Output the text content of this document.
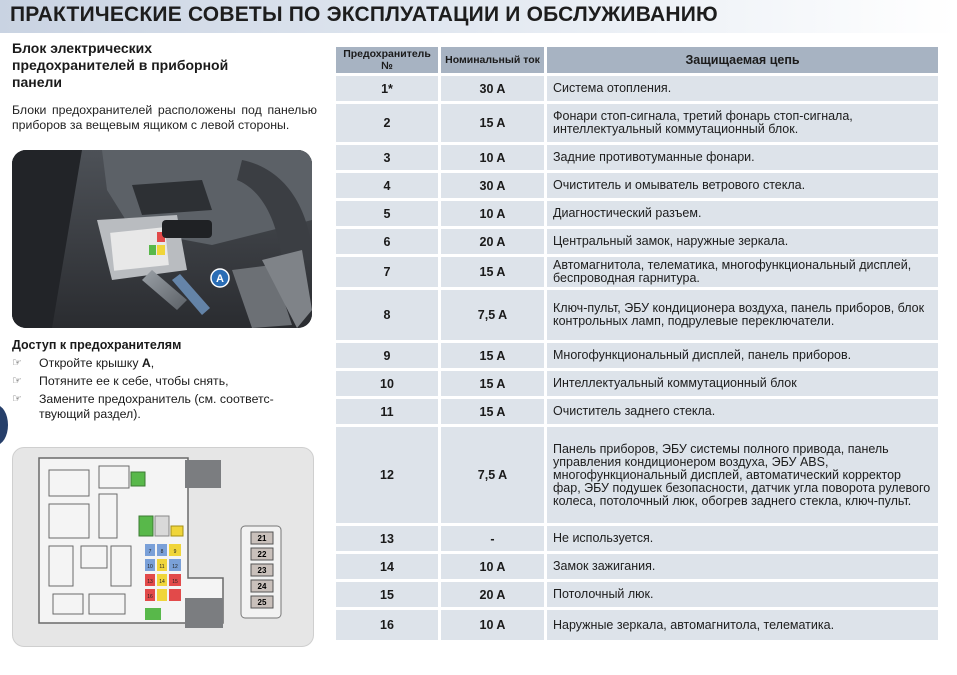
ПРАКТИЧЕСКИЕ СОВЕТЫ ПО ЭКСПЛУАТАЦИИ И ОБСЛУЖИВАНИЮ

Блок электрических предохранителей в приборной панели

Блоки предохранителей расположены под панелью приборов за вещевым ящиком с левой стороны.
A
Доступ к предохранителям
☞ Откройте крышку A,
☞ Потяните ее к себе, чтобы снять,
☞ Замените предохранитель (см. соответс-твующий раздел).
21
22
23
24
25
7 8 9
10 11 12
13 14 15
16
Предохранитель №	Номинальный ток	Защищаемая цепь
1*	30 A	Система отопления.
2	15 A	Фонари стоп-сигнала, третий фонарь стоп-сигнала, интеллектуальный коммутационный блок.
3	10 A	Задние противотуманные фонари.
4	30 A	Очиститель и омыватель ветрового стекла.
5	10 A	Диагностический разъем.
6	20 A	Центральный замок, наружные зеркала.
7	15 A	Автомагнитола, телематика, многофункциональный дисплей, беспроводная гарнитура.
8	7,5 A	Ключ-пульт, ЭБУ кондиционера воздуха, панель приборов, блок контрольных ламп, подрулевые переключатели.
9	15 A	Многофункциональный дисплей, панель приборов.
10	15 A	Интеллектуальный коммутационный блок
11	15 A	Очиститель заднего стекла.
12	7,5 A	Панель приборов, ЭБУ системы полного привода, панель управления кондиционером воздуха, ЭБУ ABS, многофункциональный дисплей, автоматический корректор фар, ЭБУ подушек безопасности, датчик угла поворота рулевого колеса, потолочный люк, обогрев заднего стекла, ключ-пульт.
13	-	Не используется.
14	10 A	Замок зажигания.
15	20 A	Потолочный люк.
16	10 A	Наружные зеркала, автомагнитола, телематика.
